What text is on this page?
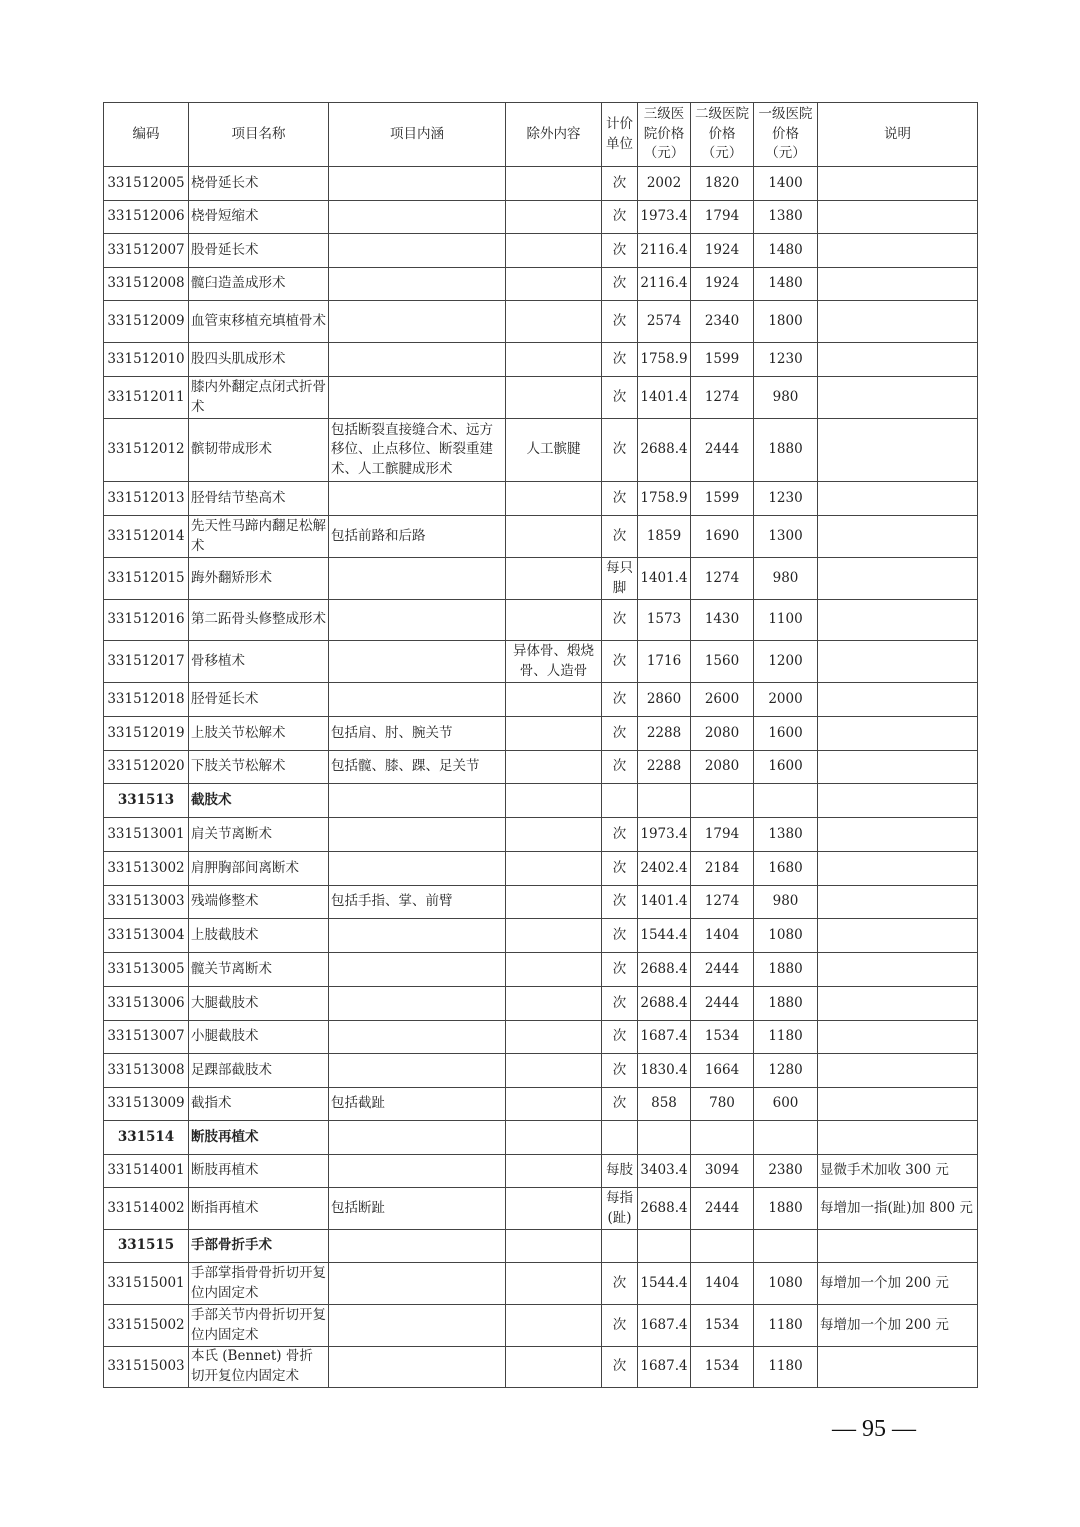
编码	项目名称	项目内涵	除外内容	计价单位	三级医院价格（元）	二级医院价格（元）	一级医院价格（元）	说明
331512005	桡骨延长术			次	2002	1820	1400	
331512006	桡骨短缩术			次	1973.4	1794	1380	
331512007	股骨延长术			次	2116.4	1924	1480	
331512008	髋臼造盖成形术			次	2116.4	1924	1480	
331512009	血管束移植充填植骨术			次	2574	2340	1800	
331512010	股四头肌成形术			次	1758.9	1599	1230	
331512011	膝内外翻定点闭式折骨术			次	1401.4	1274	980	
331512012	髌韧带成形术	包括断裂直接缝合术、远方移位、止点移位、断裂重建术、人工髌腱成形术	人工髌腱	次	2688.4	2444	1880	
331512013	胫骨结节垫高术			次	1758.9	1599	1230	
331512014	先天性马蹄内翻足松解术	包括前路和后路		次	1859	1690	1300	
331512015	踇外翻矫形术			每只脚	1401.4	1274	980	
331512016	第二跖骨头修整成形术			次	1573	1430	1100	
331512017	骨移植术		异体骨、煅烧骨、人造骨	次	1716	1560	1200	
331512018	胫骨延长术			次	2860	2600	2000	
331512019	上肢关节松解术	包括肩、肘、腕关节		次	2288	2080	1600	
331512020	下肢关节松解术	包括髋、膝、踝、足关节		次	2288	2080	1600	
331513	截肢术							
331513001	肩关节离断术			次	1973.4	1794	1380	
331513002	肩胛胸部间离断术			次	2402.4	2184	1680	
331513003	残端修整术	包括手指、掌、前臂		次	1401.4	1274	980	
331513004	上肢截肢术			次	1544.4	1404	1080	
331513005	髋关节离断术			次	2688.4	2444	1880	
331513006	大腿截肢术			次	2688.4	2444	1880	
331513007	小腿截肢术			次	1687.4	1534	1180	
331513008	足踝部截肢术			次	1830.4	1664	1280	
331513009	截指术	包括截趾		次	858	780	600	
331514	断肢再植术							
331514001	断肢再植术			每肢	3403.4	3094	2380	显微手术加收 300 元
331514002	断指再植术	包括断趾		每指(趾)	2688.4	2444	1880	每增加一指(趾)加 800 元
331515	手部骨折手术							
331515001	手部掌指骨骨折切开复位内固定术			次	1544.4	1404	1080	每增加一个加 200 元
331515002	手部关节内骨折切开复位内固定术			次	1687.4	1534	1180	每增加一个加 200 元
331515003	本氏 (Bennet) 骨折切开复位内固定术			次	1687.4	1534	1180	
— 95 —
